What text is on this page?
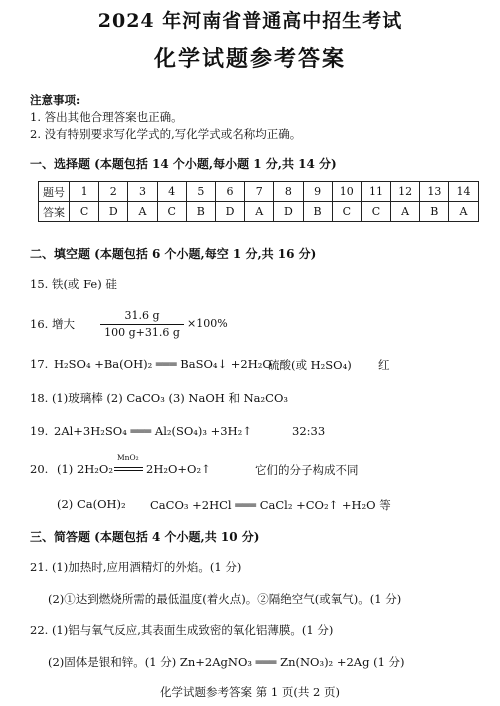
2024 年河南省普通高中招生考试
化学试题参考答案
注意事项:
1. 答出其他合理答案也正确。
2. 没有特别要求写化学式的,写化学式或名称均正确。
一、选择题 (本题包括 14 个小题,每小题 1 分,共 14 分)
题号	1	2	3	4	5	6	7	8	9	10	11	12	13	14
答案	C	D	A	C	B	D	A	D	B	C	C	A	B	A
二、填空题 (本题包括 6 个小题,每空 1 分,共 16 分)
15. 铁(或 Fe) 硅
16. 增大
31.6 g
100 g+31.6 g
×100%
17. H₂SO₄ +Ba(OH)₂ ═══ BaSO₄↓ +2H₂O
硫酸(或 H₂SO₄) 红
18. (1)玻璃棒 (2) CaCO₃ (3) NaOH 和 Na₂CO₃
19. 2Al+3H₂SO₄ ═══ Al₂(SO₄)₃ +3H₂↑	32:33
20. (1) 2H₂O₂
MnO₂
2H₂O+O₂↑	它们的分子构成不同
(2) Ca(OH)₂ CaCO₃ +2HCl ═══ CaCl₂ +CO₂↑ +H₂O 等
三、简答题 (本题包括 4 个小题,共 10 分)
21. (1)加热时,应用酒精灯的外焰。(1 分)
(2)①达到燃烧所需的最低温度(着火点)。②隔绝空气(或氧气)。(1 分)
22. (1)铝与氧气反应,其表面生成致密的氧化铝薄膜。(1 分)
(2)固体是银和锌。(1 分) Zn+2AgNO₃ ═══ Zn(NO₃)₂ +2Ag (1 分)
化学试题参考答案 第 1 页(共 2 页)
